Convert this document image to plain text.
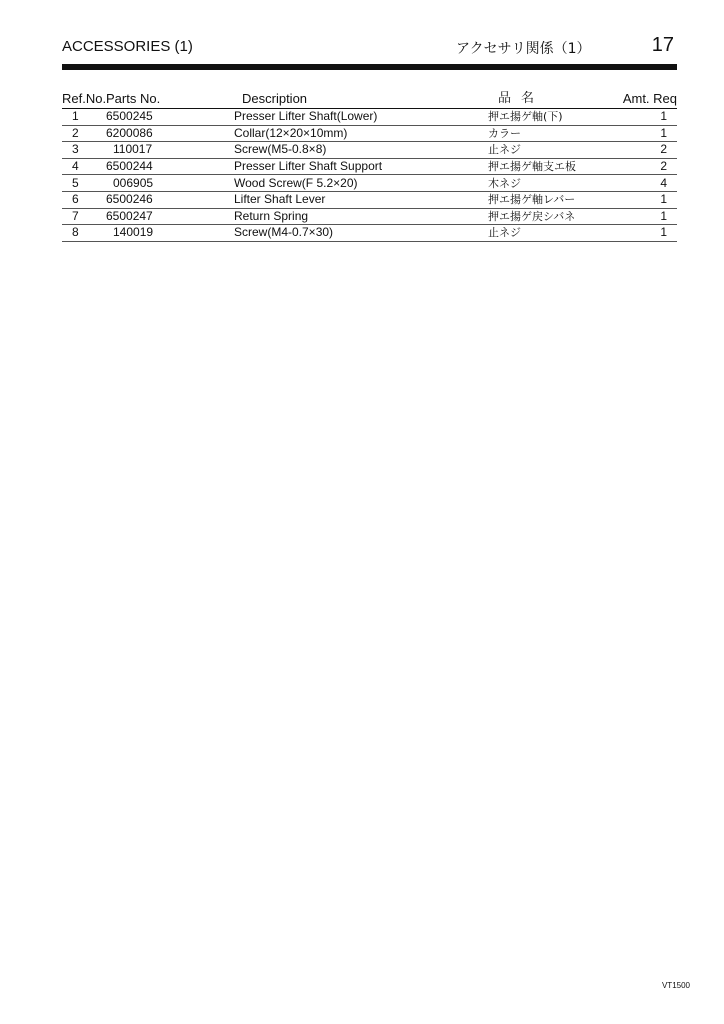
ACCESSORIES (1)	アクセサリ関係（1）	17
Ref.No.	Parts No.	Description	品名	Amt. Req
1	6500245	Presser Lifter Shaft(Lower)	押エ揚ゲ軸(下)	1
2	6200086	Collar(12×20×10mm)	カラー	1
3	110017	Screw(M5-0.8×8)	止ネジ	2
4	6500244	Presser Lifter Shaft Support	押エ揚ゲ軸支エ板	2
5	006905	Wood Screw(F 5.2×20)	木ネジ	4
6	6500246	Lifter Shaft Lever	押エ揚ゲ軸レバー	1
7	6500247	Return Spring	押エ揚ゲ戻シバネ	1
8	140019	Screw(M4-0.7×30)	止ネジ	1
VT1500
